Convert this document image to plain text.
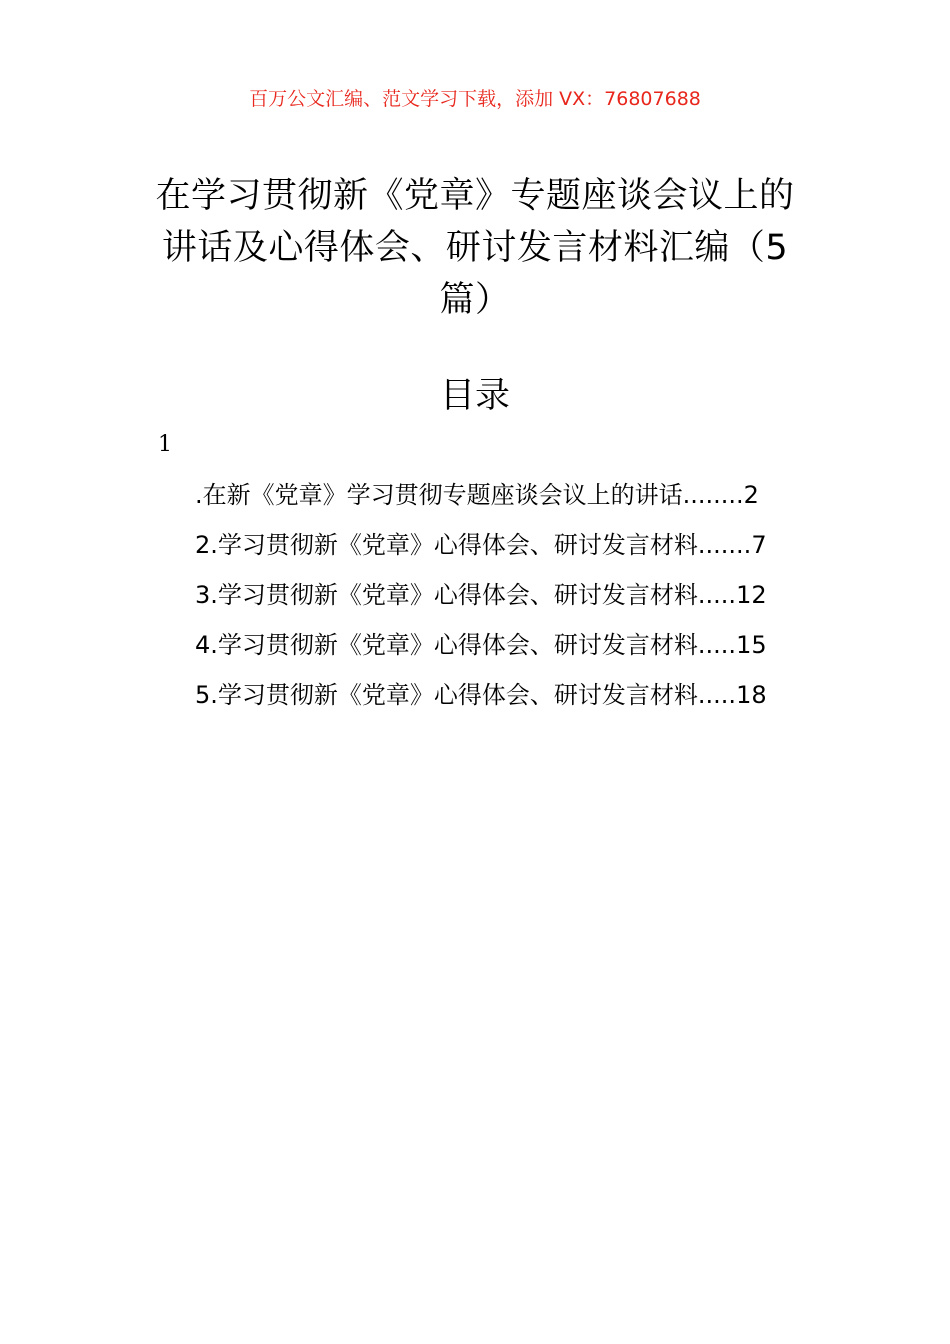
百万公文汇编、范文学习下载，添加 VX：76807688
在学习贯彻新《党章》专题座谈会议上的讲话及心得体会、研讨发言材料汇编（5篇）
目录
1
.在新《党章》学习贯彻专题座谈会议上的讲话 ........ 2
2.学习贯彻新《党章》心得体会、研讨发言材料 ....... 7
3.学习贯彻新《党章》心得体会、研讨发言材料 ..... 12
4.学习贯彻新《党章》心得体会、研讨发言材料 ..... 15
5.学习贯彻新《党章》心得体会、研讨发言材料 ..... 18
